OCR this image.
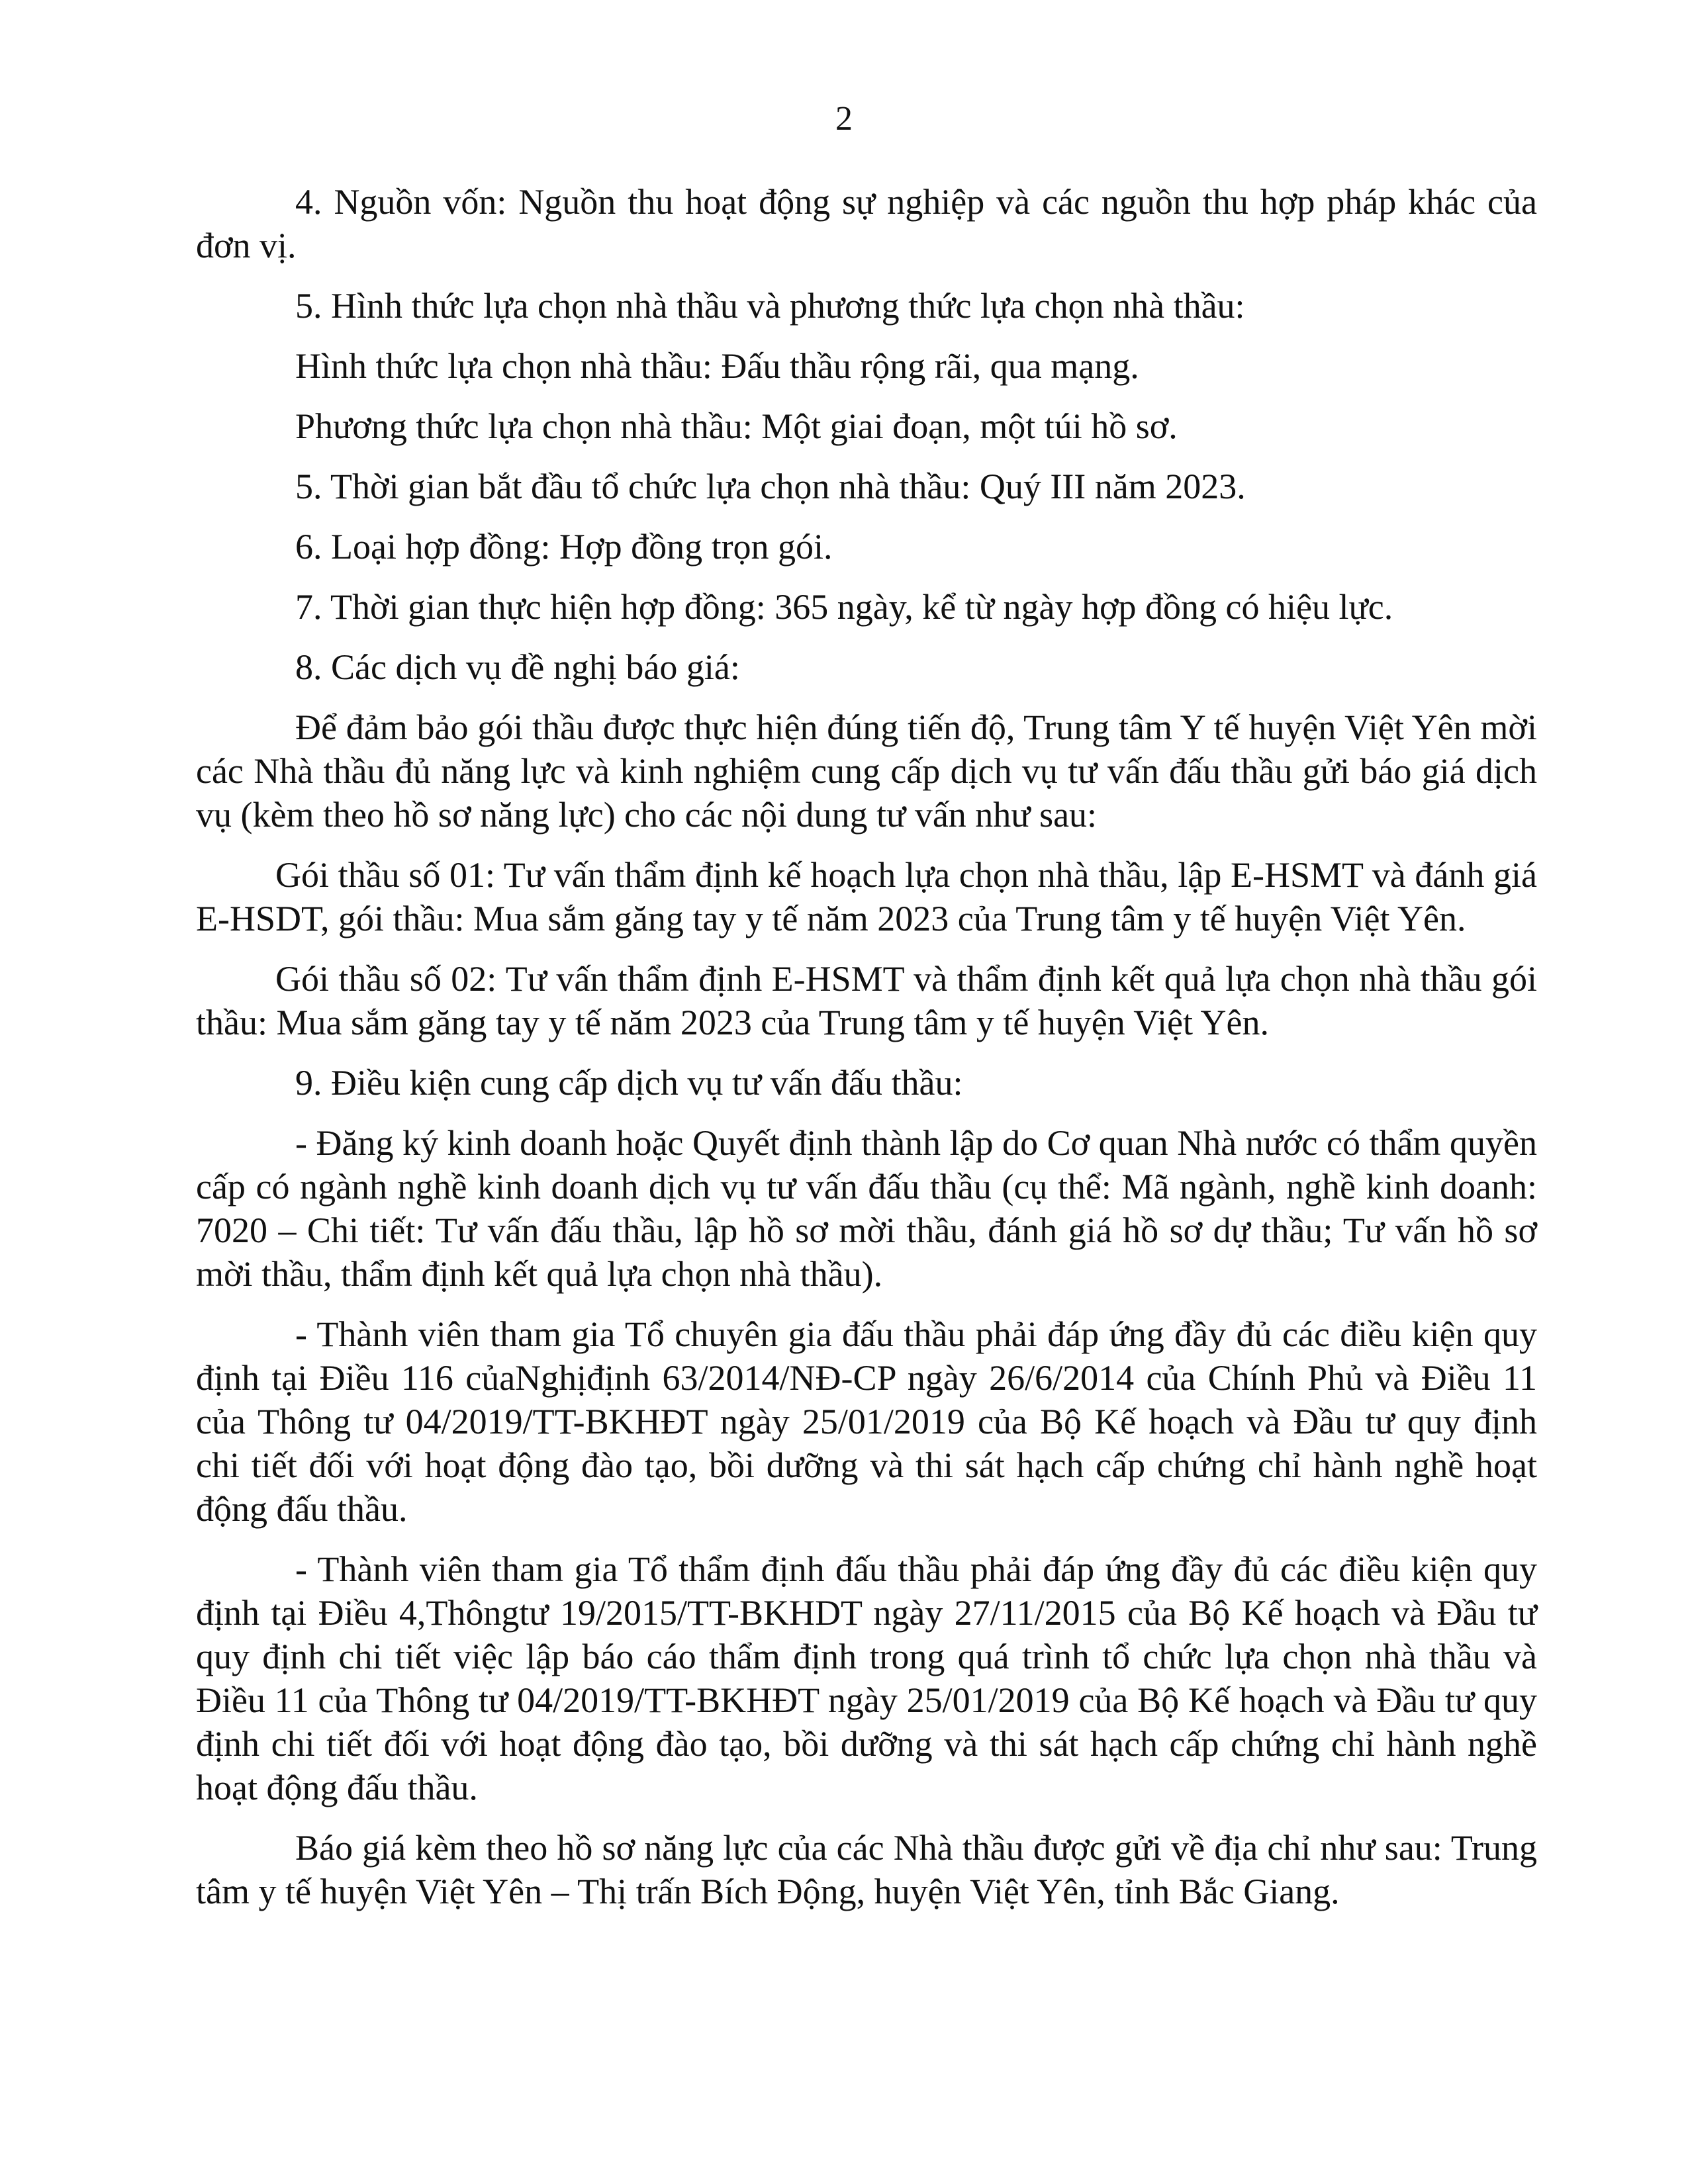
2

4. Nguồn vốn: Nguồn thu hoạt động sự nghiệp và các nguồn thu hợp pháp khác của đơn vị.

5. Hình thức lựa chọn nhà thầu và phương thức lựa chọn nhà thầu:

Hình thức lựa chọn nhà thầu: Đấu thầu rộng rãi, qua mạng.

Phương thức lựa chọn nhà thầu: Một giai đoạn, một túi hồ sơ.

5. Thời gian bắt đầu tổ chức lựa chọn nhà thầu: Quý III năm 2023.

6. Loại hợp đồng: Hợp đồng trọn gói.

7. Thời gian thực hiện hợp đồng: 365 ngày, kể từ ngày hợp đồng có hiệu lực.

8. Các dịch vụ đề nghị báo giá:

Để đảm bảo gói thầu được thực hiện đúng tiến độ, Trung tâm Y tế huyện Việt Yên mời các Nhà thầu đủ năng lực và kinh nghiệm cung cấp dịch vụ tư vấn đấu thầu gửi báo giá dịch vụ (kèm theo hồ sơ năng lực) cho các nội dung tư vấn như sau:

Gói thầu số 01: Tư vấn thẩm định kế hoạch lựa chọn nhà thầu, lập E-HSMT và đánh giá E-HSDT, gói thầu: Mua sắm găng tay y tế năm 2023 của Trung tâm y tế huyện Việt Yên.

Gói thầu số 02: Tư vấn thẩm định E-HSMT và thẩm định kết quả lựa chọn nhà thầu gói thầu: Mua sắm găng tay y tế năm 2023 của Trung tâm y tế huyện Việt Yên.

9. Điều kiện cung cấp dịch vụ tư vấn đấu thầu:

- Đăng ký kinh doanh hoặc Quyết định thành lập do Cơ quan Nhà nước có thẩm quyền cấp có ngành nghề kinh doanh dịch vụ tư vấn đấu thầu (cụ thể: Mã ngành, nghề kinh doanh: 7020 – Chi tiết: Tư vấn đấu thầu, lập hồ sơ mời thầu, đánh giá hồ sơ dự thầu; Tư vấn hồ sơ mời thầu, thẩm định kết quả lựa chọn nhà thầu).

- Thành viên tham gia Tổ chuyên gia đấu thầu phải đáp ứng đầy đủ các điều kiện quy định tại Điều 116 củaNghịđịnh 63/2014/NĐ-CP ngày 26/6/2014 của Chính Phủ và Điều 11 của Thông tư 04/2019/TT-BKHĐT ngày 25/01/2019 của Bộ Kế hoạch và Đầu tư quy định chi tiết đối với hoạt động đào tạo, bồi dưỡng và thi sát hạch cấp chứng chỉ hành nghề hoạt động đấu thầu.

- Thành viên tham gia Tổ thẩm định đấu thầu phải đáp ứng đầy đủ các điều kiện quy định tại Điều 4,Thôngtư 19/2015/TT-BKHDT ngày 27/11/2015 của Bộ Kế hoạch và Đầu tư quy định chi tiết việc lập báo cáo thẩm định trong quá trình tổ chức lựa chọn nhà thầu và Điều 11 của Thông tư 04/2019/TT-BKHĐT ngày 25/01/2019 của Bộ Kế hoạch và Đầu tư quy định chi tiết đối với hoạt động đào tạo, bồi dưỡng và thi sát hạch cấp chứng chỉ hành nghề hoạt động đấu thầu.

Báo giá kèm theo hồ sơ năng lực của các Nhà thầu được gửi về địa chỉ như sau: Trung tâm y tế huyện Việt Yên – Thị trấn Bích Động, huyện Việt Yên, tỉnh Bắc Giang.
